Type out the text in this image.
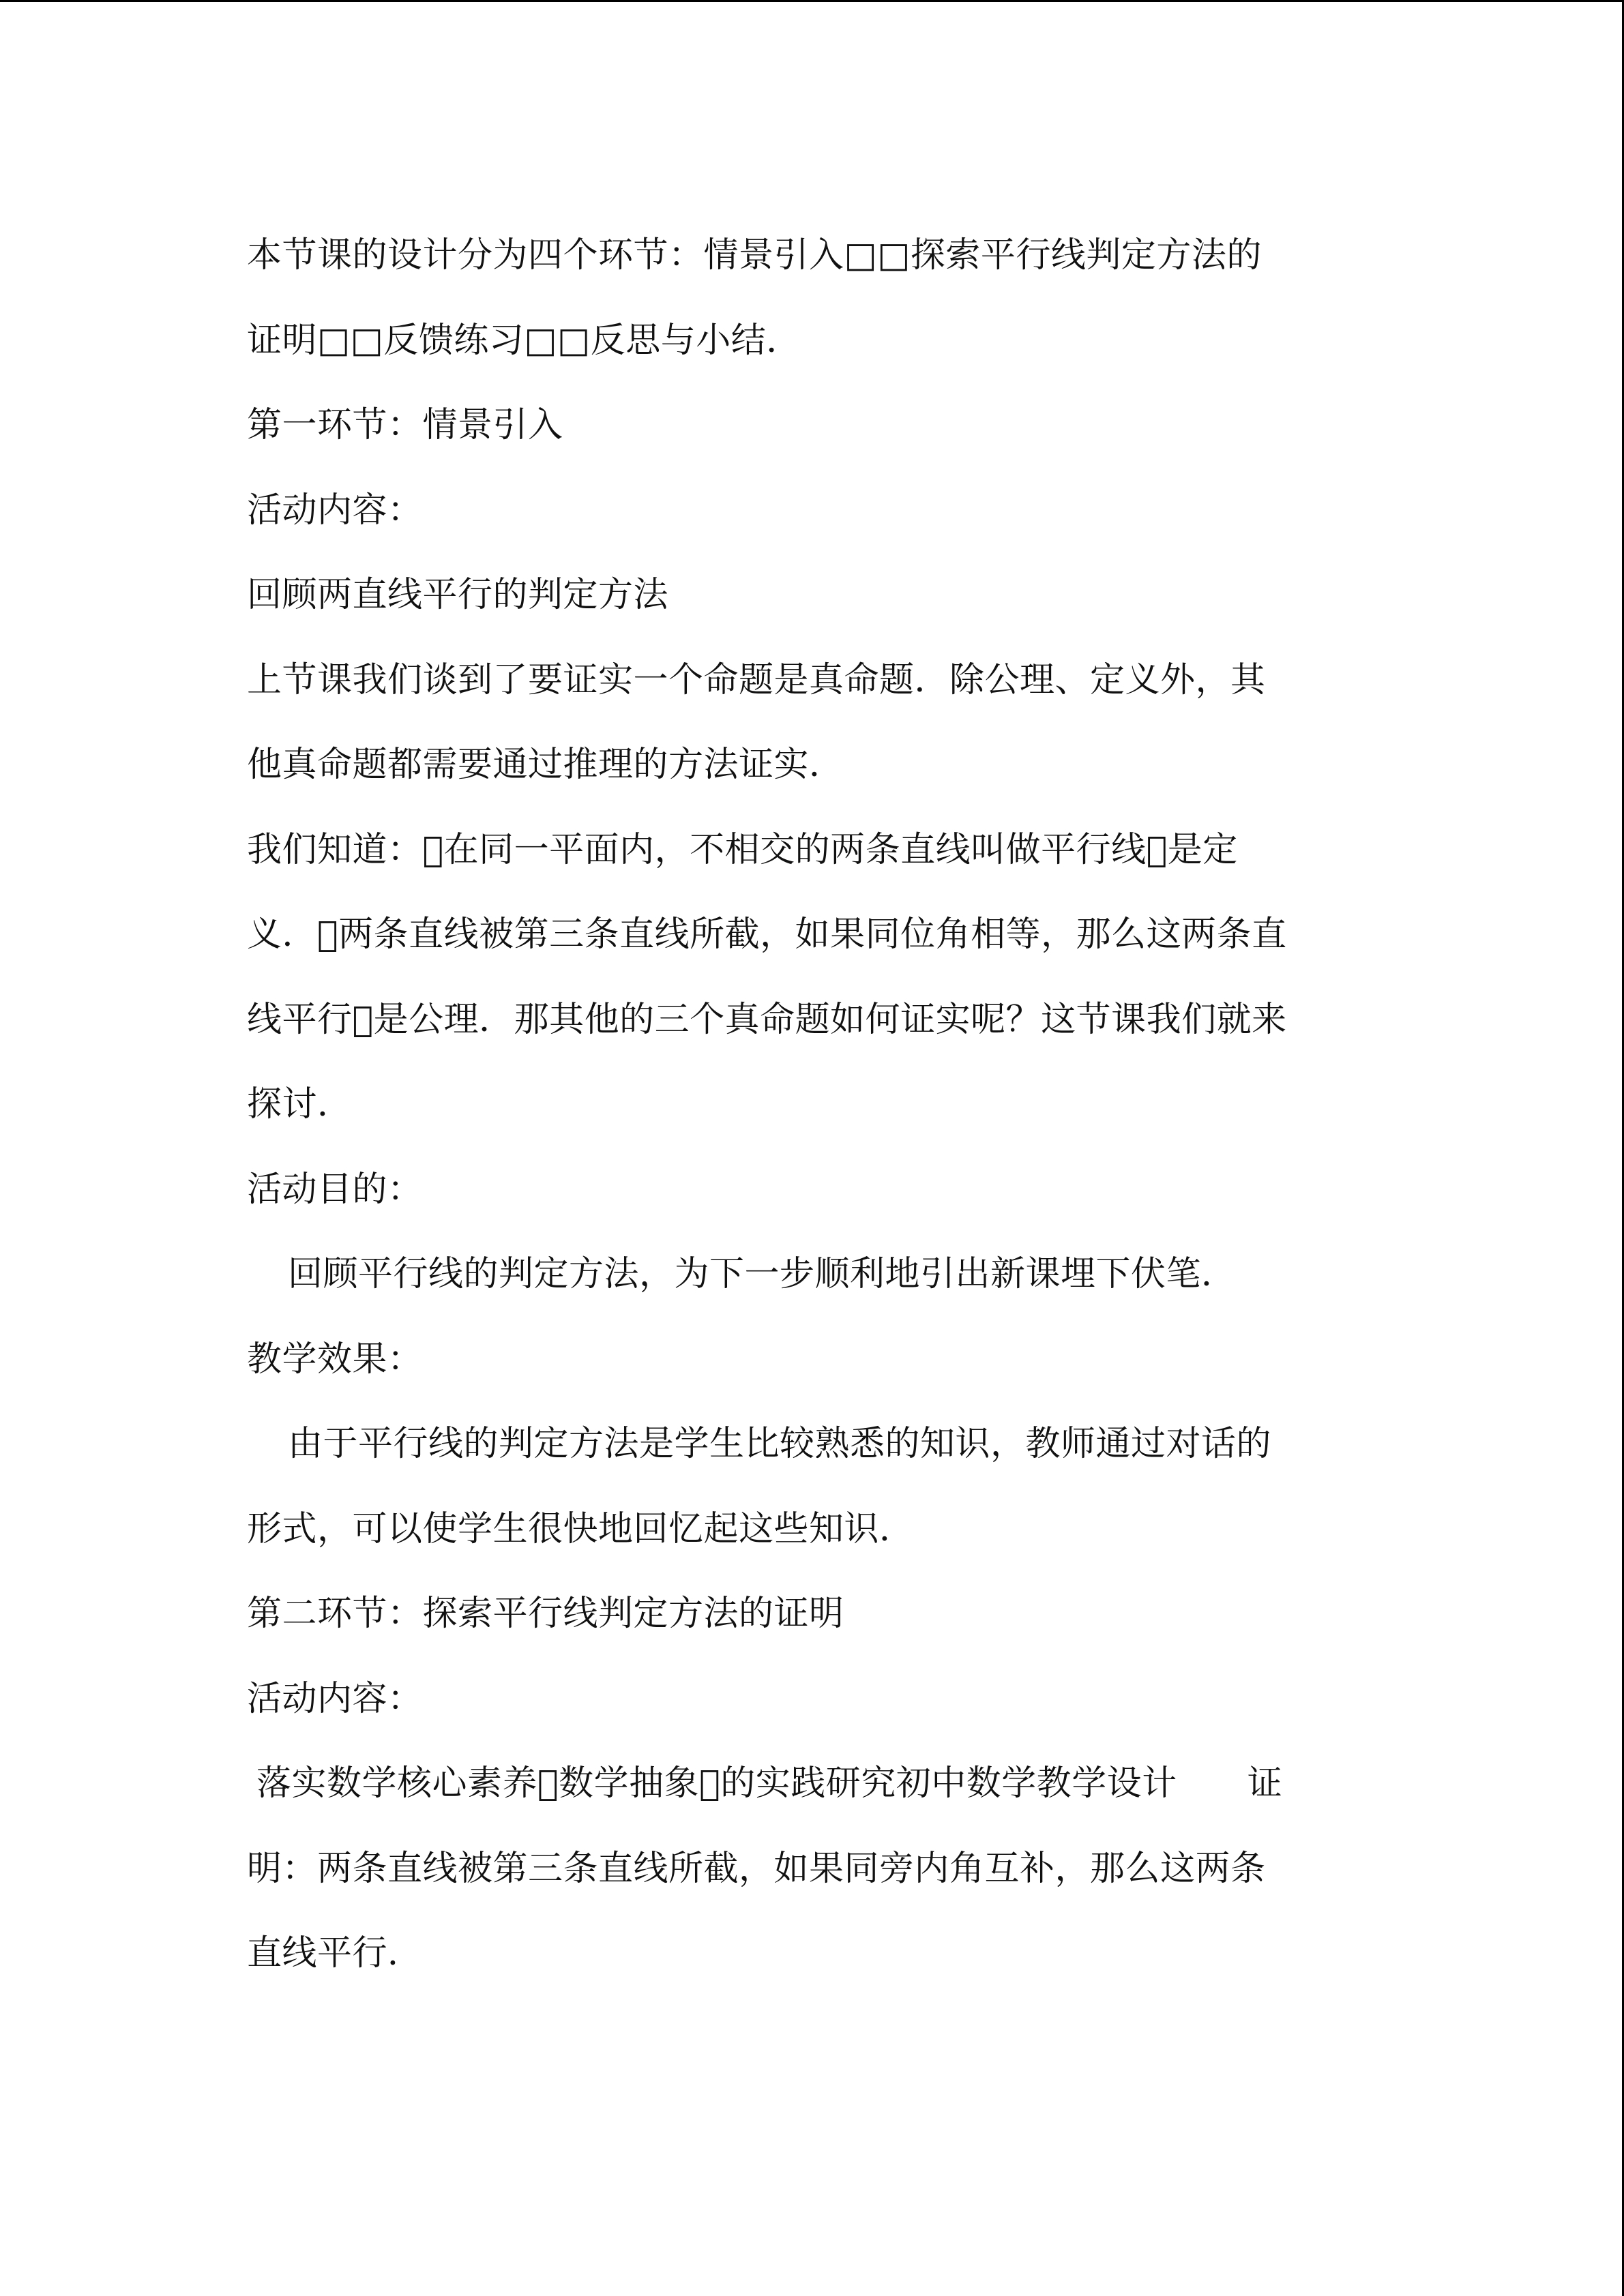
本节课的设计分为四个环节：情景引入□□探索平行线判定方法的
证明□□反馈练习□□反思与小结．
第一环节：情景引入
活动内容：
回顾两直线平行的判定方法
上节课我们谈到了要证实一个命题是真命题．除公理、定义外，其
他真命题都需要通过推理的方法证实．
我们知道： 在同一平面内，不相交的两条直线叫做平行线 是定
义． 两条直线被第三条直线所截，如果同位角相等，那么这两条直
线平行 是公理．那其他的三个真命题如何证实呢？这节课我们就来
探讨．
活动目的：
回顾平行线的判定方法，为下一步顺利地引出新课埋下伏笔．
教学效果：
由于平行线的判定方法是学生比较熟悉的知识，教师通过对话的
形式，可以使学生很快地回忆起这些知识．
第二环节：探索平行线判定方法的证明
活动内容：
落实数学核心素养 数学抽象 的实践研究初中数学教学设计　　证
明：两条直线被第三条直线所截，如果同旁内角互补，那么这两条
直线平行．
